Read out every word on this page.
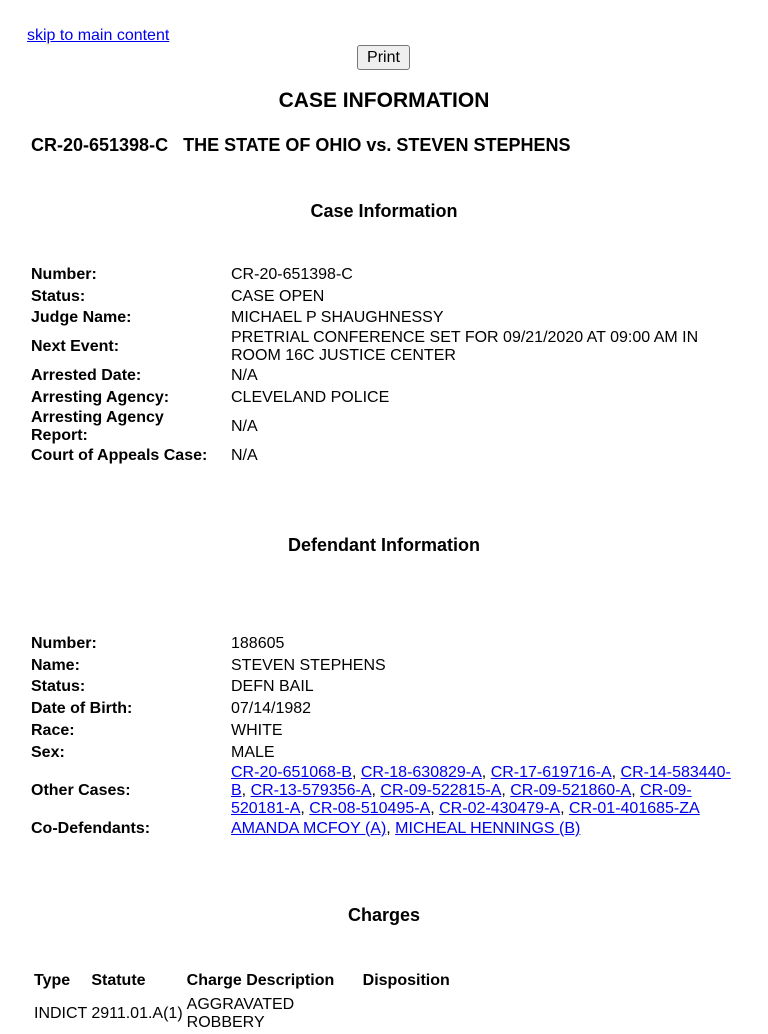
skip to main content
Print
CASE INFORMATION
CR-20-651398-C   THE STATE OF OHIO vs. STEVEN STEPHENS
Case Information
Number:	CR-20-651398-C
Status:	CASE OPEN
Judge Name:	MICHAEL P SHAUGHNESSY
Next Event:	PRETRIAL CONFERENCE SET FOR 09/21/2020 AT 09:00 AM IN ROOM 16C JUSTICE CENTER
Arrested Date:	N/A
Arresting Agency:	CLEVELAND POLICE
Arresting Agency Report:	N/A
Court of Appeals Case:	N/A
Defendant Information
Number:	188605
Name:	STEVEN STEPHENS
Status:	DEFN BAIL
Date of Birth:	07/14/1982
Race:	WHITE
Sex:	MALE
Other Cases:	CR-20-651068-B, CR-18-630829-A, CR-17-619716-A, CR-14-583440-B, CR-13-579356-A, CR-09-522815-A, CR-09-521860-A, CR-09-520181-A, CR-08-510495-A, CR-02-430479-A, CR-01-401685-ZA
Co-Defendants:	AMANDA MCFOY (A), MICHEAL HENNINGS (B)
Charges
Type	Statute	Charge Description	Disposition
INDICT	2911.01.A(1)	AGGRAVATED ROBBERY	
